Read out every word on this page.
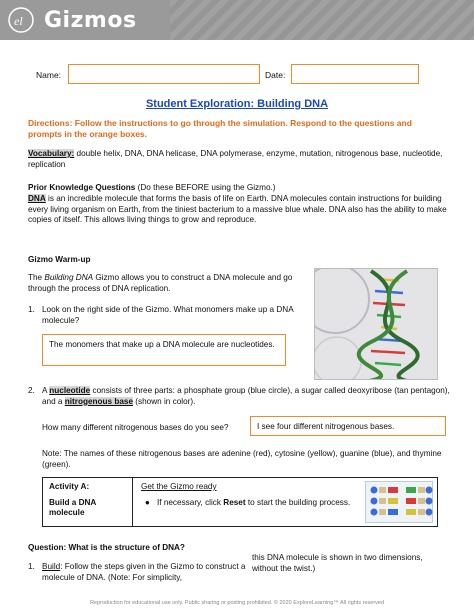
el Gizmos
Name:	Date:
Student Exploration: Building DNA
Directions: Follow the instructions to go through the simulation. Respond to the questions and prompts in the orange boxes.
Vocabulary: double helix, DNA, DNA helicase, DNA polymerase, enzyme, mutation, nitrogenous base, nucleotide, replication
Prior Knowledge Questions (Do these BEFORE using the Gizmo.)
DNA is an incredible molecule that forms the basis of life on Earth. DNA molecules contain instructions for building every living organism on Earth, from the tiniest bacterium to a massive blue whale. DNA also has the ability to make copies of itself. This allows living things to grow and reproduce.
Gizmo Warm-up
The Building DNA Gizmo allows you to construct a DNA molecule and go through the process of DNA replication.
1. Look on the right side of the Gizmo. What monomers make up a DNA molecule?
The monomers that make up a DNA molecule are nucleotides.
2. A nucleotide consists of three parts: a phosphate group (blue circle), a sugar called deoxyribose (tan pentagon), and a nitrogenous base (shown in color).
How many different nitrogenous bases do you see?	I see four different nitrogenous bases.
Note: The names of these nitrogenous bases are adenine (red), cytosine (yellow), guanine (blue), and thymine (green).
Activity A:
Build a DNA molecule
Get the Gizmo ready
● If necessary, click Reset to start the building process.
Question: What is the structure of DNA?
1. Build: Follow the steps given in the Gizmo to construct a molecule of DNA. (Note: For simplicity,
this DNA molecule is shown in two dimensions, without the twist.)
Reproduction for educational use only. Public sharing or posting prohibited. © 2020 ExploreLearning™ All rights reserved
